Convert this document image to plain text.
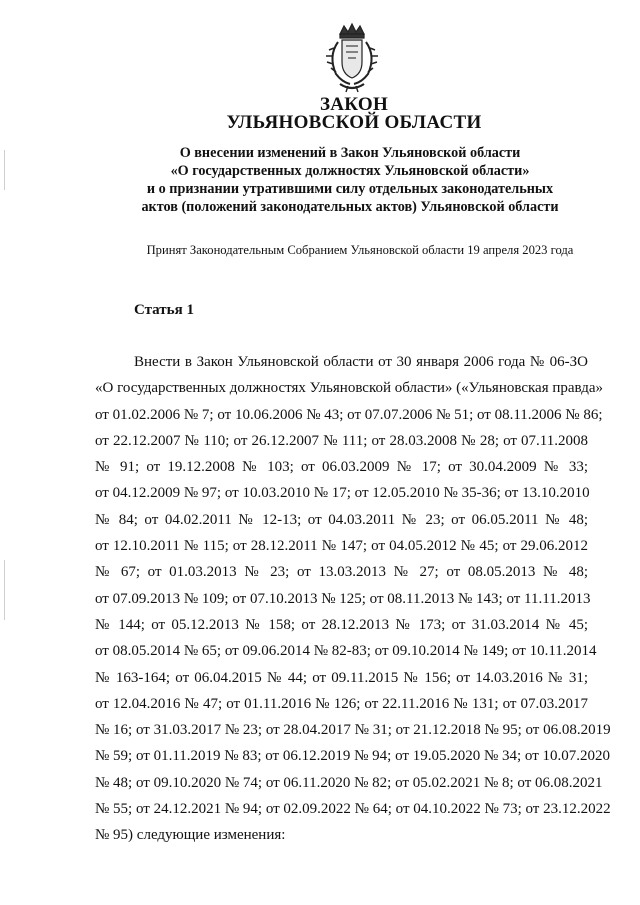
ЗАКОН
УЛЬЯНОВСКОЙ ОБЛАСТИ
О внесении изменений в Закон Ульяновской области
«О государственных должностях Ульяновской области»
и о признании утратившими силу отдельных законодательных
актов (положений законодательных актов) Ульяновской области
Принят Законодательным Собранием Ульяновской области 19 апреля 2023 года
Статья 1
Внести в Закон Ульяновской области от 30 января 2006 года № 06-ЗО
«О государственных должностях Ульяновской области» («Ульяновская правда»
от 01.02.2006 № 7; от 10.06.2006 № 43; от 07.07.2006 № 51; от 08.11.2006 № 86;
от 22.12.2007 № 110; от 26.12.2007 № 111; от 28.03.2008 № 28; от 07.11.2008
№ 91; от 19.12.2008 № 103; от 06.03.2009 № 17; от 30.04.2009 № 33;
от 04.12.2009 № 97; от 10.03.2010 № 17; от 12.05.2010 № 35-36; от 13.10.2010
№ 84; от 04.02.2011 № 12-13; от 04.03.2011 № 23; от 06.05.2011 № 48;
от 12.10.2011 № 115; от 28.12.2011 № 147; от 04.05.2012 № 45; от 29.06.2012
№ 67; от 01.03.2013 № 23; от 13.03.2013 № 27; от 08.05.2013 № 48;
от 07.09.2013 № 109; от 07.10.2013 № 125; от 08.11.2013 № 143; от 11.11.2013
№ 144; от 05.12.2013 № 158; от 28.12.2013 № 173; от 31.03.2014 № 45;
от 08.05.2014 № 65; от 09.06.2014 № 82-83; от 09.10.2014 № 149; от 10.11.2014
№ 163-164; от 06.04.2015 № 44; от 09.11.2015 № 156; от 14.03.2016 № 31;
от 12.04.2016 № 47; от 01.11.2016 № 126; от 22.11.2016 № 131; от 07.03.2017
№ 16; от 31.03.2017 № 23; от 28.04.2017 № 31; от 21.12.2018 № 95; от 06.08.2019
№ 59; от 01.11.2019 № 83; от 06.12.2019 № 94; от 19.05.2020 № 34; от 10.07.2020
№ 48; от 09.10.2020 № 74; от 06.11.2020 № 82; от 05.02.2021 № 8; от 06.08.2021
№ 55; от 24.12.2021 № 94; от 02.09.2022 № 64; от 04.10.2022 № 73; от 23.12.2022
№ 95) следующие изменения:
